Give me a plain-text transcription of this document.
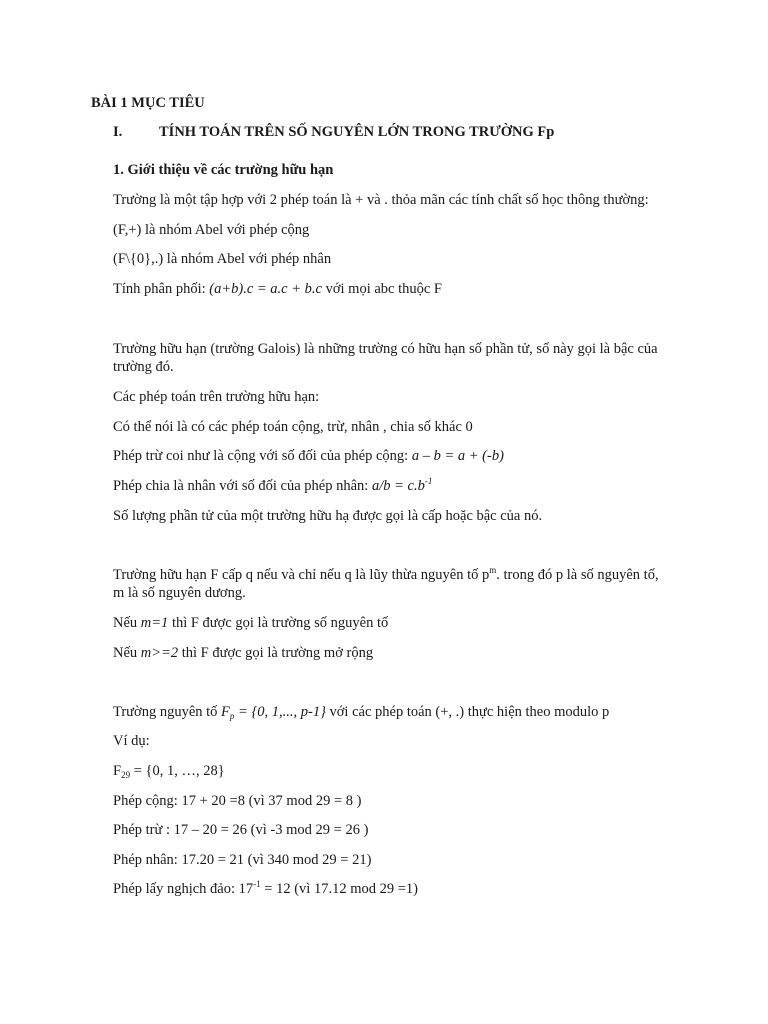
BÀI 1 MỤC TIÊU
I.	TÍNH TOÁN TRÊN SỐ NGUYÊN LỚN TRONG TRƯỜNG Fp
1. Giới thiệu về các trường hữu hạn
Trường là một tập hợp với 2 phép toán là + và . thỏa mãn các tính chất số học thông thường:
(F,+) là nhóm Abel với phép cộng
(F\{0},.) là nhóm Abel với phép nhân
Tính phân phối: (a+b).c = a.c + b.c với mọi abc thuộc F
Trường hữu hạn (trường Galois) là những trường có hữu hạn số phần tử, số này gọi là bậc của trường đó.
Các phép toán trên trường hữu hạn:
Có thể nói là có các phép toán cộng, trừ, nhân , chia số khác 0
Phép trừ coi như là cộng với số đối của phép cộng: a – b = a + (-b)
Phép chia là nhân với số đối của phép nhân: $a/b = c.b^{-1}$
Số lượng phần tử của một trường hữu hạ được gọi là cấp hoặc bậc của nó.
Trường hữu hạn F cấp q nếu và chỉ nếu q là lũy thừa nguyên tố $p^m$. trong đó p là số nguyên tố, m là số nguyên dương.
Nếu m=1 thì F được gọi là trường số nguyên tố
Nếu m>=2 thì F được gọi là trường mở rộng
Trường nguyên tố $F_p = \{0$, 1,..., p-1} với các phép toán (+, .) thực hiện theo modulo p
Ví dụ:
$F_{29} = \{0$, 1, …, 28}
Phép cộng: 17 + 20 =8 (vì 37 mod 29 = 8 )
Phép trừ : 17 – 20 = 26 (vì -3 mod 29 = 26 )
Phép nhân: 17.20 = 21 (vì 340 mod 29 = 21)
Phép lấy nghịch đảo: $17^{-1} = 12$ (vì 17.12 mod 29 =1)
